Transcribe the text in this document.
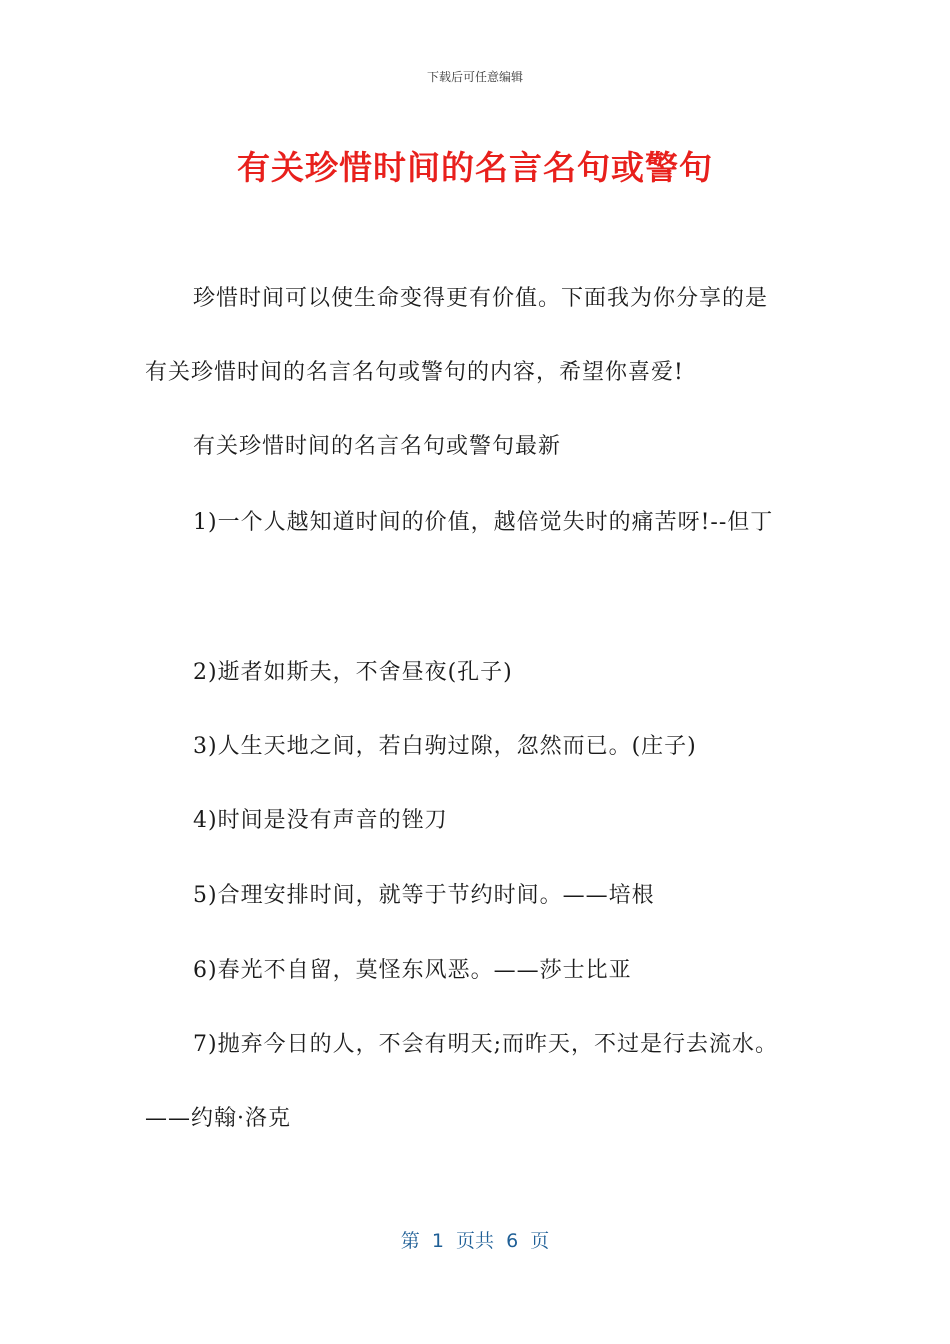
下载后可任意编辑
有关珍惜时间的名言名句或警句
珍惜时间可以使生命变得更有价值。下面我为你分享的是
有关珍惜时间的名言名句或警句的内容，希望你喜爱!
有关珍惜时间的名言名句或警句最新
1)一个人越知道时间的价值，越倍觉失时的痛苦呀!--但丁
2)逝者如斯夫，不舍昼夜(孔子)
3)人生天地之间，若白驹过隙，忽然而已。(庄子)
4)时间是没有声音的锉刀
5)合理安排时间，就等于节约时间。——培根
6)春光不自留，莫怪东风恶。——莎士比亚
7)抛弃今日的人，不会有明天;而昨天，不过是行去流水。
——约翰·洛克
第  1  页共  6  页
